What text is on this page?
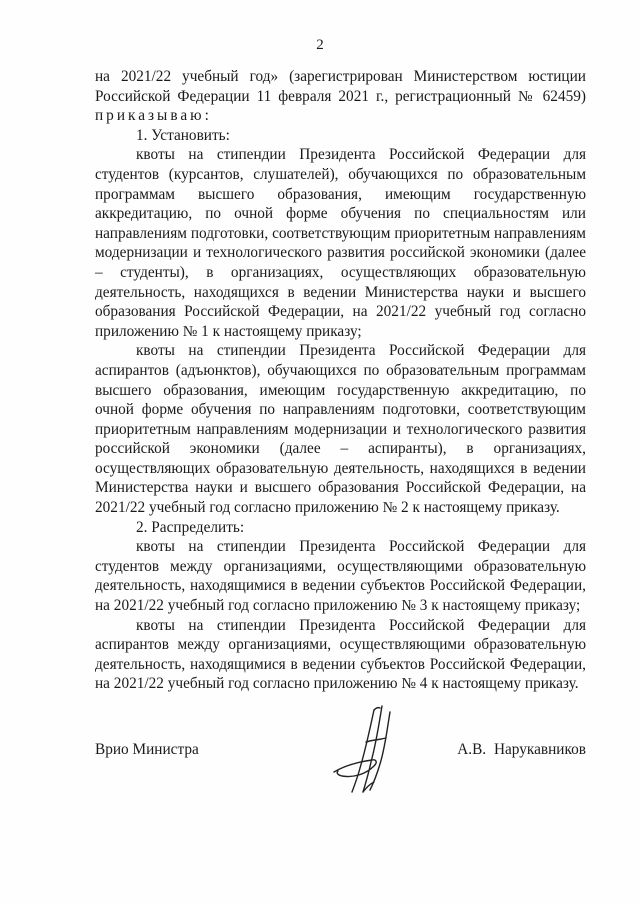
2

на 2021/22 учебный год» (зарегистрирован Министерством юстиции Российской Федерации 11 февраля 2021 г., регистрационный № 62459) приказываю:

1. Установить:

квоты на стипендии Президента Российской Федерации для студентов (курсантов, слушателей), обучающихся по образовательным программам высшего образования, имеющим государственную аккредитацию, по очной форме обучения по специальностям или направлениям подготовки, соответствующим приоритетным направлениям модернизации и технологического развития российской экономики (далее – студенты), в организациях, осуществляющих образовательную деятельность, находящихся в ведении Министерства науки и высшего образования Российской Федерации, на 2021/22 учебный год согласно приложению № 1 к настоящему приказу;

квоты на стипендии Президента Российской Федерации для аспирантов (адъюнктов), обучающихся по образовательным программам высшего образования, имеющим государственную аккредитацию, по очной форме обучения по направлениям подготовки, соответствующим приоритетным направлениям модернизации и технологического развития российской экономики (далее – аспиранты), в организациях, осуществляющих образовательную деятельность, находящихся в ведении Министерства науки и высшего образования Российской Федерации, на 2021/22 учебный год согласно приложению № 2 к настоящему приказу.

2. Распределить:

квоты на стипендии Президента Российской Федерации для студентов между организациями, осуществляющими образовательную деятельность, находящимися в ведении субъектов Российской Федерации, на 2021/22 учебный год согласно приложению № 3 к настоящему приказу;

квоты на стипендии Президента Российской Федерации для аспирантов между организациями, осуществляющими образовательную деятельность, находящимися в ведении субъектов Российской Федерации, на 2021/22 учебный год согласно приложению № 4 к настоящему приказу.

Врио Министра	А.В. Нарукавников
